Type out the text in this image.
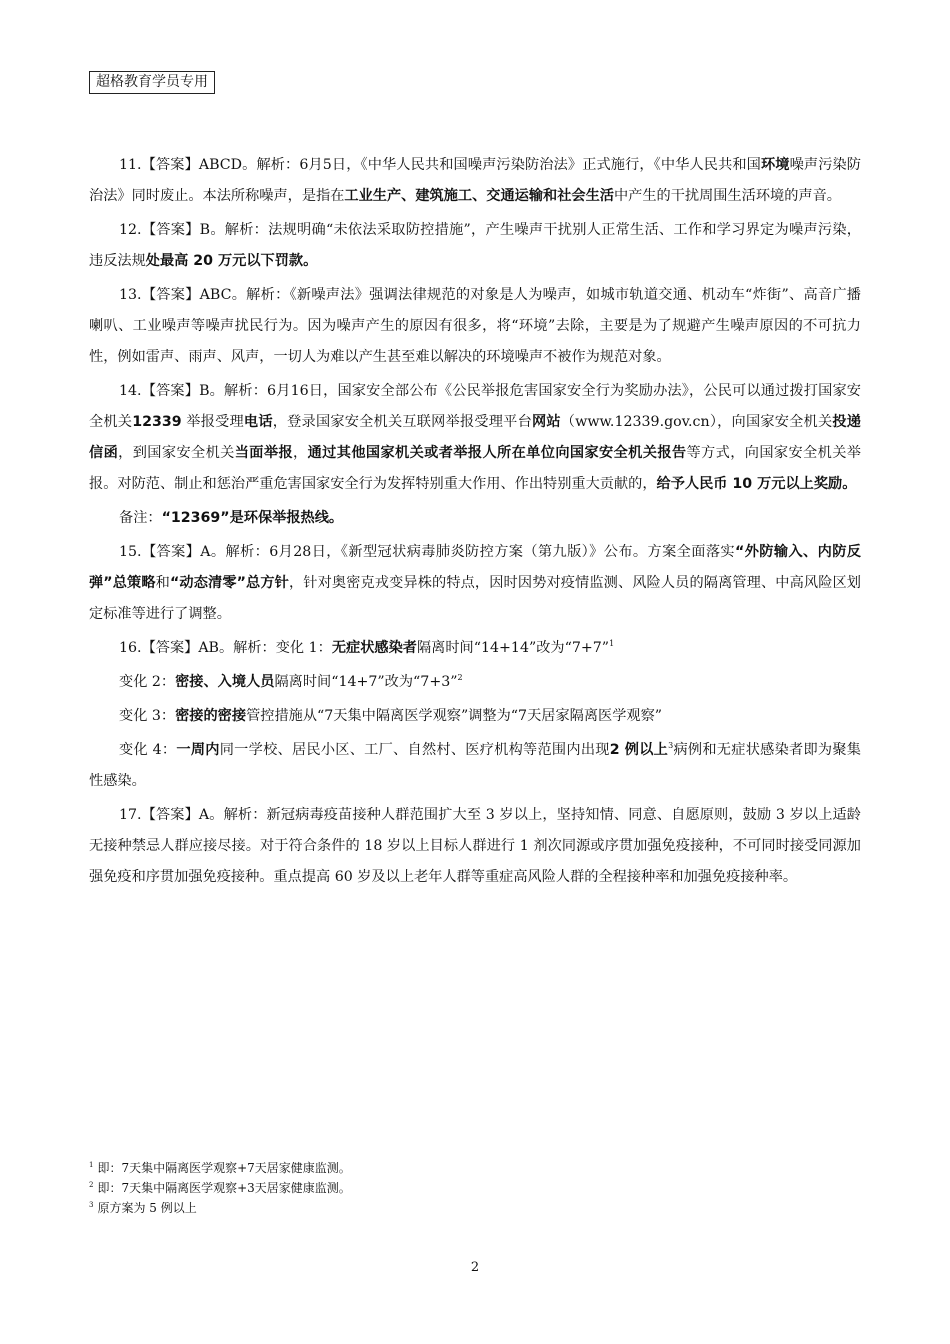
超格教育学员专用

11.【答案】ABCD。解析：6月5日，《中华人民共和国噪声污染防治法》正式施行，《中华人民共和国环境噪声污染防治法》同时废止。本法所称噪声，是指在工业生产、建筑施工、交通运输和社会生活中产生的干扰周围生活环境的声音。

12.【答案】B。解析：法规明确“未依法采取防控措施”，产生噪声干扰别人正常生活、工作和学习界定为噪声污染，违反法规处最高 20 万元以下罚款。

13.【答案】ABC。解析：《新噪声法》强调法律规范的对象是人为噪声，如城市轨道交通、机动车“炸街”、高音广播喇叭、工业噪声等噪声扰民行为。因为噪声产生的原因有很多，将“环境”去除，主要是为了规避产生噪声原因的不可抗力性，例如雷声、雨声、风声，一切人为难以产生甚至难以解决的环境噪声不被作为规范对象。

14.【答案】B。解析：6月16日，国家安全部公布《公民举报危害国家安全行为奖励办法》，公民可以通过拨打国家安全机关12339 举报受理电话，登录国家安全机关互联网举报受理平台网站（www.12339.gov.cn），向国家安全机关投递信函，到国家安全机关当面举报，通过其他国家机关或者举报人所在单位向国家安全机关报告等方式，向国家安全机关举报。对防范、制止和惩治严重危害国家安全行为发挥特别重大作用、作出特别重大贡献的，给予人民币 10 万元以上奖励。

备注：“12369”是环保举报热线。

15.【答案】A。解析：6月28日，《新型冠状病毒肺炎防控方案（第九版）》公布。方案全面落实“外防输入、内防反弹”总策略和“动态清零”总方针，针对奥密克戎变异株的特点，因时因势对疫情监测、风险人员的隔离管理、中高风险区划定标准等进行了调整。

16.【答案】AB。解析：变化 1：无症状感染者隔离时间“14+14”改为“7+7”$^1$

变化 2：密接、入境人员隔离时间“14+7”改为“7+3”$^2$

变化 3：密接的密接管控措施从“7天集中隔离医学观察”调整为“7天居家隔离医学观察”

变化 4：一周内同一学校、居民小区、工厂、自然村、医疗机构等范围内出现2 例以上$^3$病例和无症状感染者即为聚集性感染。

17.【答案】A。解析：新冠病毒疫苗接种人群范围扩大至 3 岁以上，坚持知情、同意、自愿原则，鼓励 3 岁以上适龄无接种禁忌人群应接尽接。对于符合条件的 18 岁以上目标人群进行 1 剂次同源或序贯加强免疫接种，不可同时接受同源加强免疫和序贯加强免疫接种。重点提高 60 岁及以上老年人群等重症高风险人群的全程接种率和加强免疫接种率。

$^1$ 即：7天集中隔离医学观察+7天居家健康监测。
$^2$ 即：7天集中隔离医学观察+3天居家健康监测。
$^3$ 原方案为 5 例以上
2
